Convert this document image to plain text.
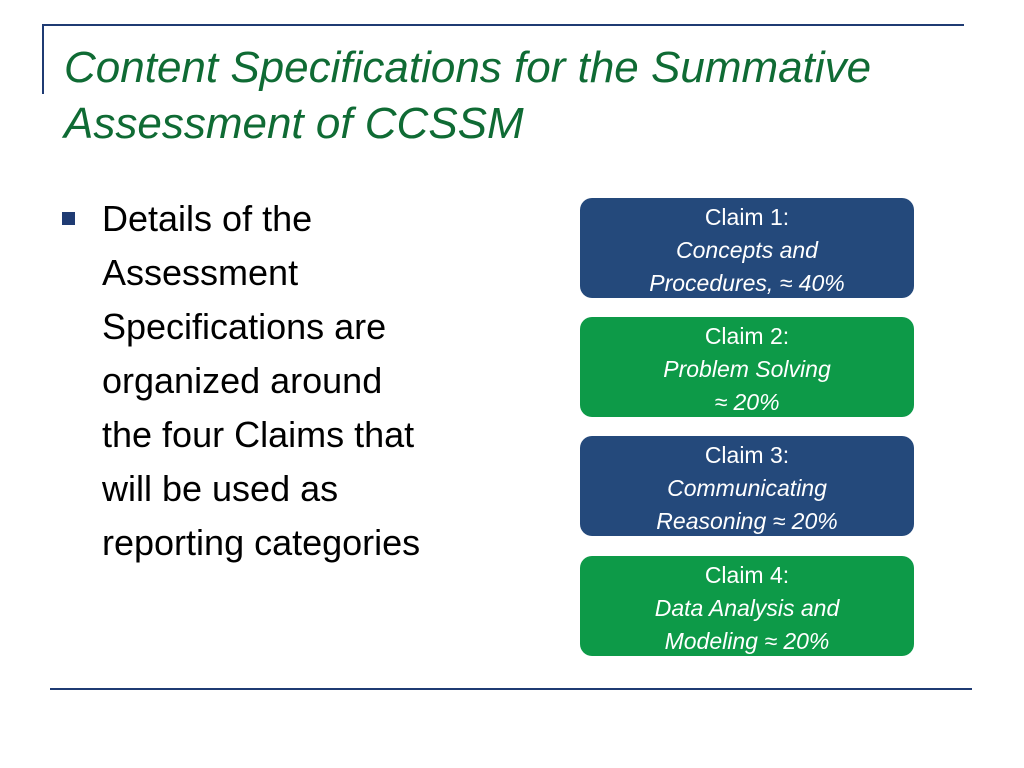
Content Specifications for the Summative
Assessment of CCSSM
Details of the
Assessment
Specifications are
organized around
the four Claims that
will be used as
reporting categories
Claim 1:
Concepts and
Procedures, ≈ 40%
Claim 2:
Problem Solving
≈ 20%
Claim 3:
Communicating
Reasoning ≈ 20%
Claim 4:
Data Analysis and
Modeling ≈ 20%
